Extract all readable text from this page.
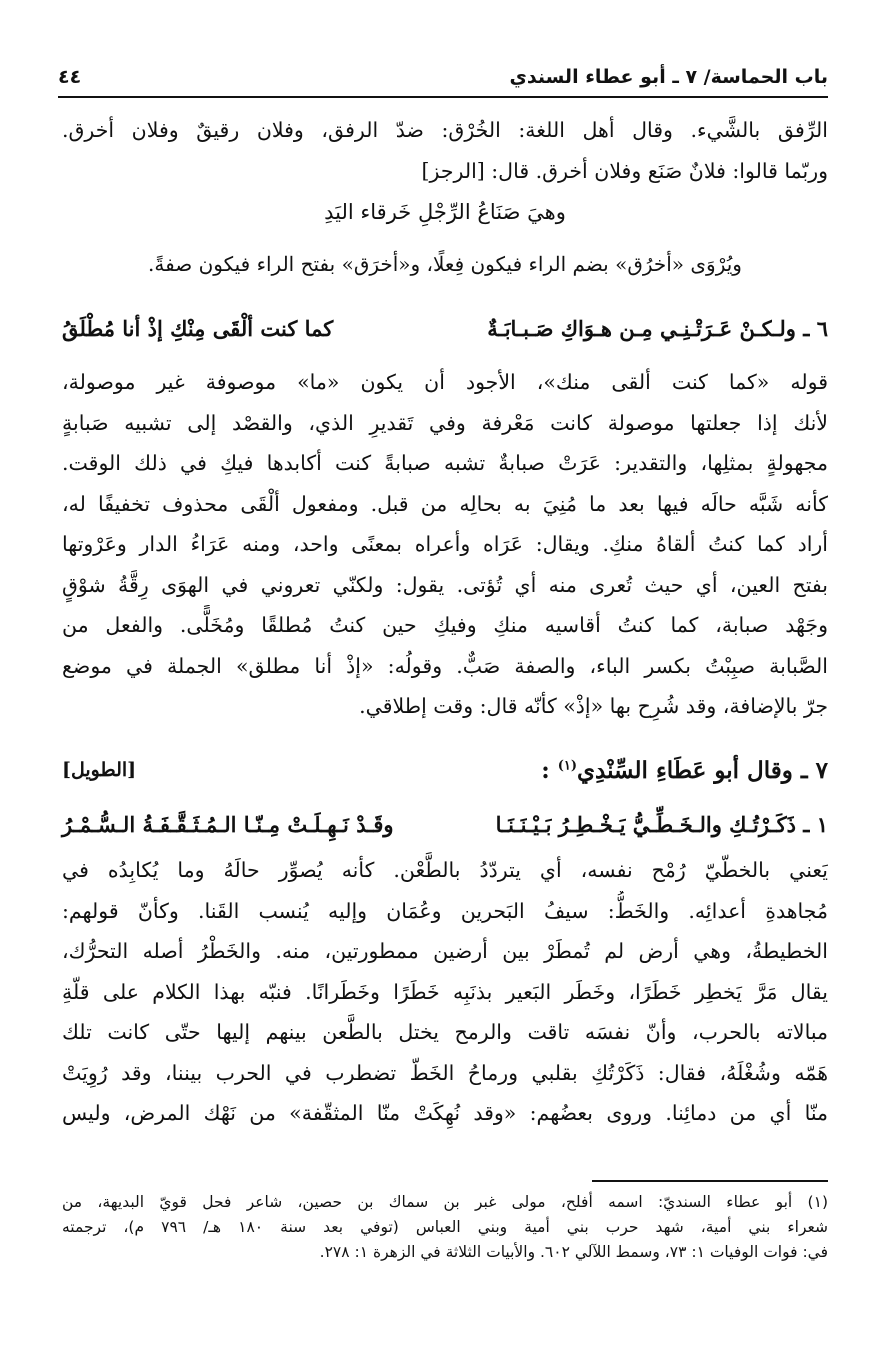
باب الحماسة/ ٧ ـ أبو عطاء السندي
٤٤
الرِّفق بالشَّيء. وقال أهل اللغة: الخُرْق: ضدّ الرفق، وفلان رقيقٌ وفلان أخرق.
وربّما قالوا: فلانٌ صَنَع وفلان أخرق. قال: [الرجز]
وهيَ صَنَاعُ الرِّجْلِ خَرقاء اليَدِ
ويُرْوَى «أخرُق» بضم الراء فيكون فِعلًا، و«أخرَق» بفتح الراء فيكون صفةً.
٦ ـ ولـكـنْ عَـرَتْـنِـي مِـن هـوَاكِ صَـبـابَـةٌ
كما كنت ألْقَى مِنْكِ إذْ أنا مُطْلَقُ
قوله «كما كنت ألقى منك»، الأجود أن يكون «ما» موصوفة غير موصولة،
لأنك إذا جعلتها موصولة كانت مَعْرفة وفي تَقديرِ الذي، والقصْد إلى تشبيه صَبابةٍ
مجهولةٍ بمثلِها، والتقدير: عَرَتْ صبابةٌ تشبه صبابةً كنت أكابدها فيكِ في ذلك الوقت.
كأنه شَبَّه حالَه فيها بعد ما مُنِيَ به بحالِه من قبل. ومفعول ألْقَى محذوف تخفيفًا له،
أراد كما كنتُ ألقاهُ منكِ. ويقال: عَرَاه وأعراه بمعنًى واحد، ومنه عَرَاءُ الدار وعَرْوتها
بفتح العين، أي حيث تُعرى منه أي تُؤتى. يقول: ولكنّي تعروني في الهوَى رِقَّةُ شوْقٍ
وجَهْد صبابة، كما كنتُ أقاسيه منكِ وفيكِ حين كنتُ مُطلقًا ومُخَلًّى. والفعل من
الصَّبابة صبِبْتُ بكسر الباء، والصفة صَبٌّ. وقولُه: «إذْ أنا مطلق» الجملة في موضع
جرّ بالإضافة، وقد شُرِح بها «إذْ» كأنّه قال: وقت إطلاقي.
٧ ـ وقال أبو عَطَاءِ السِّنْدِي$^{(١)}$ :
[الطويل]
١ ـ ذَكَـرْتُـكِ والـخَـطِّـيُّ يَـخْـطِـرُ بَـيْـنَـنَـا
وقَـدْ نَـهِـلَـتْ مِـنّـا الـمُـثَـقَّـفَـةُ الـسُّـمْـرُ
يَعني بالخطّيّ رُمْح نفسه، أي يتردّدُ بالطَّعْن. كأنه يُصوِّر حالَهُ وما يُكابِدُه في
مُجاهدةِ أعدائِه. والخَطُّ: سيفُ البَحرين وعُمَان وإليه يُنسب القَنا. وكأنّ قولهم:
الخطيطةُ، وهي أرض لم تُمطَرْ بين أرضين ممطورتين، منه. والخَطْرُ أصله التحرُّك،
يقال مَرَّ يَخطِر خَطَرًا، وخَطَر البَعير بذنَبِه خَطَرًا وخَطَرانًا. فنبّه بهذا الكلام على قلّةِ
مبالاته بالحرب، وأنّ نفسَه تاقت والرمح يختل بالطَّعن بينهم إليها حتّى كانت تلك
هَمّه وشُغْلَهُ، فقال: ذَكَرْتُكِ بقلبي ورماحُ الخَطّ تضطرب في الحرب بيننا، وقد رُوِيَتْ
منّا أي من دمائِنا. وروى بعضُهم: «وقد نُهِكَتْ منّا المثقّفة» من نَهْك المرض، وليس
(١) أبو عطاء السنديّ: اسمه أفلح، مولى غبر بن سماك بن حصين، شاعر فحل قويّ البديهة، من
شعراء بني أمية، شهد حرب بني أمية وبني العباس (توفي بعد سنة ١٨٠ هـ/ ٧٩٦ م)، ترجمته
في: فوات الوفيات ١: ٧٣، وسمط اللآلي ٦٠٢. والأبيات الثلاثة في الزهرة ١: ٢٧٨.
